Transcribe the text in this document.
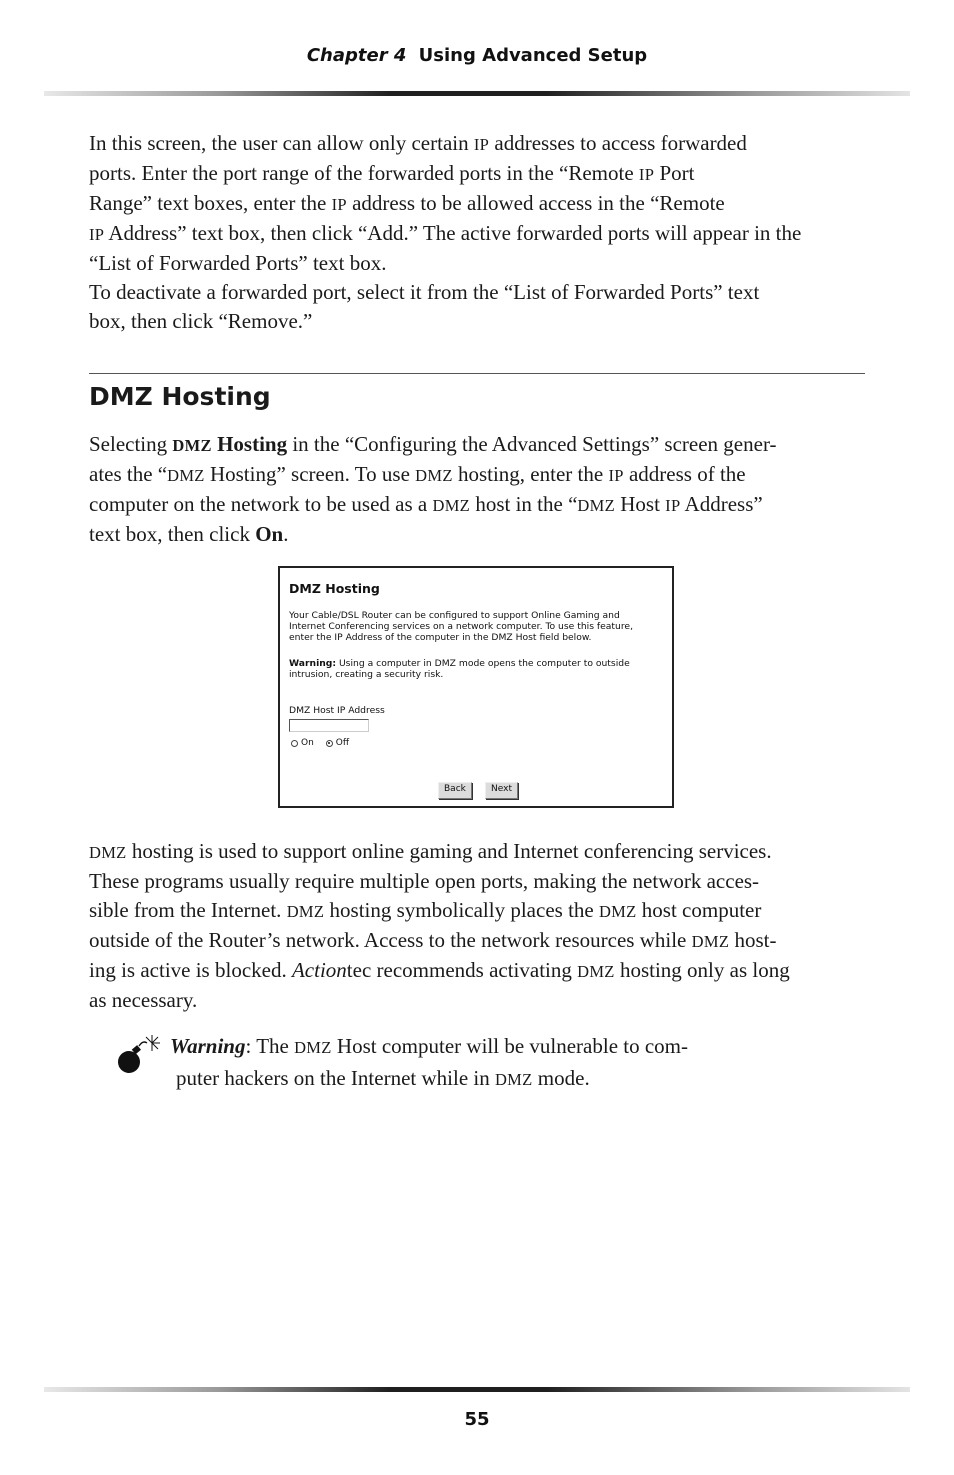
Chapter 4 Using Advanced Setup

In this screen, the user can allow only certain IP addresses to access forwarded
ports. Enter the port range of the forwarded ports in the “Remote IP Port
Range” text boxes, enter the IP address to be allowed access in the “Remote
IP Address” text box, then click “Add.” The active forwarded ports will appear in the
“List of Forwarded Ports” text box.

To deactivate a forwarded port, select it from the “List of Forwarded Ports” text
box, then click “Remove.”

DMZ Hosting

Selecting DMZ Hosting in the “Configuring the Advanced Settings” screen gener-
ates the “DMZ Hosting” screen. To use DMZ hosting, enter the IP address of the
computer on the network to be used as a DMZ host in the “DMZ Host IP Address”
text box, then click On.

DMZ Hosting
Your Cable/DSL Router can be configured to support Online Gaming and
Internet Conferencing services on a network computer. To use this feature,
enter the IP Address of the computer in the DMZ Host field below.
Warning: Using a computer in DMZ mode opens the computer to outside
intrusion, creating a security risk.
DMZ Host IP Address
On Off
Back	Next

DMZ hosting is used to support online gaming and Internet conferencing services.
These programs usually require multiple open ports, making the network acces-
sible from the Internet. DMZ hosting symbolically places the DMZ host computer
outside of the Router’s network. Access to the network resources while DMZ host-
ing is active is blocked. Actiontec recommends activating DMZ hosting only as long
as necessary.

Warning: The DMZ Host computer will be vulnerable to com-
puter hackers on the Internet while in DMZ mode.
55
